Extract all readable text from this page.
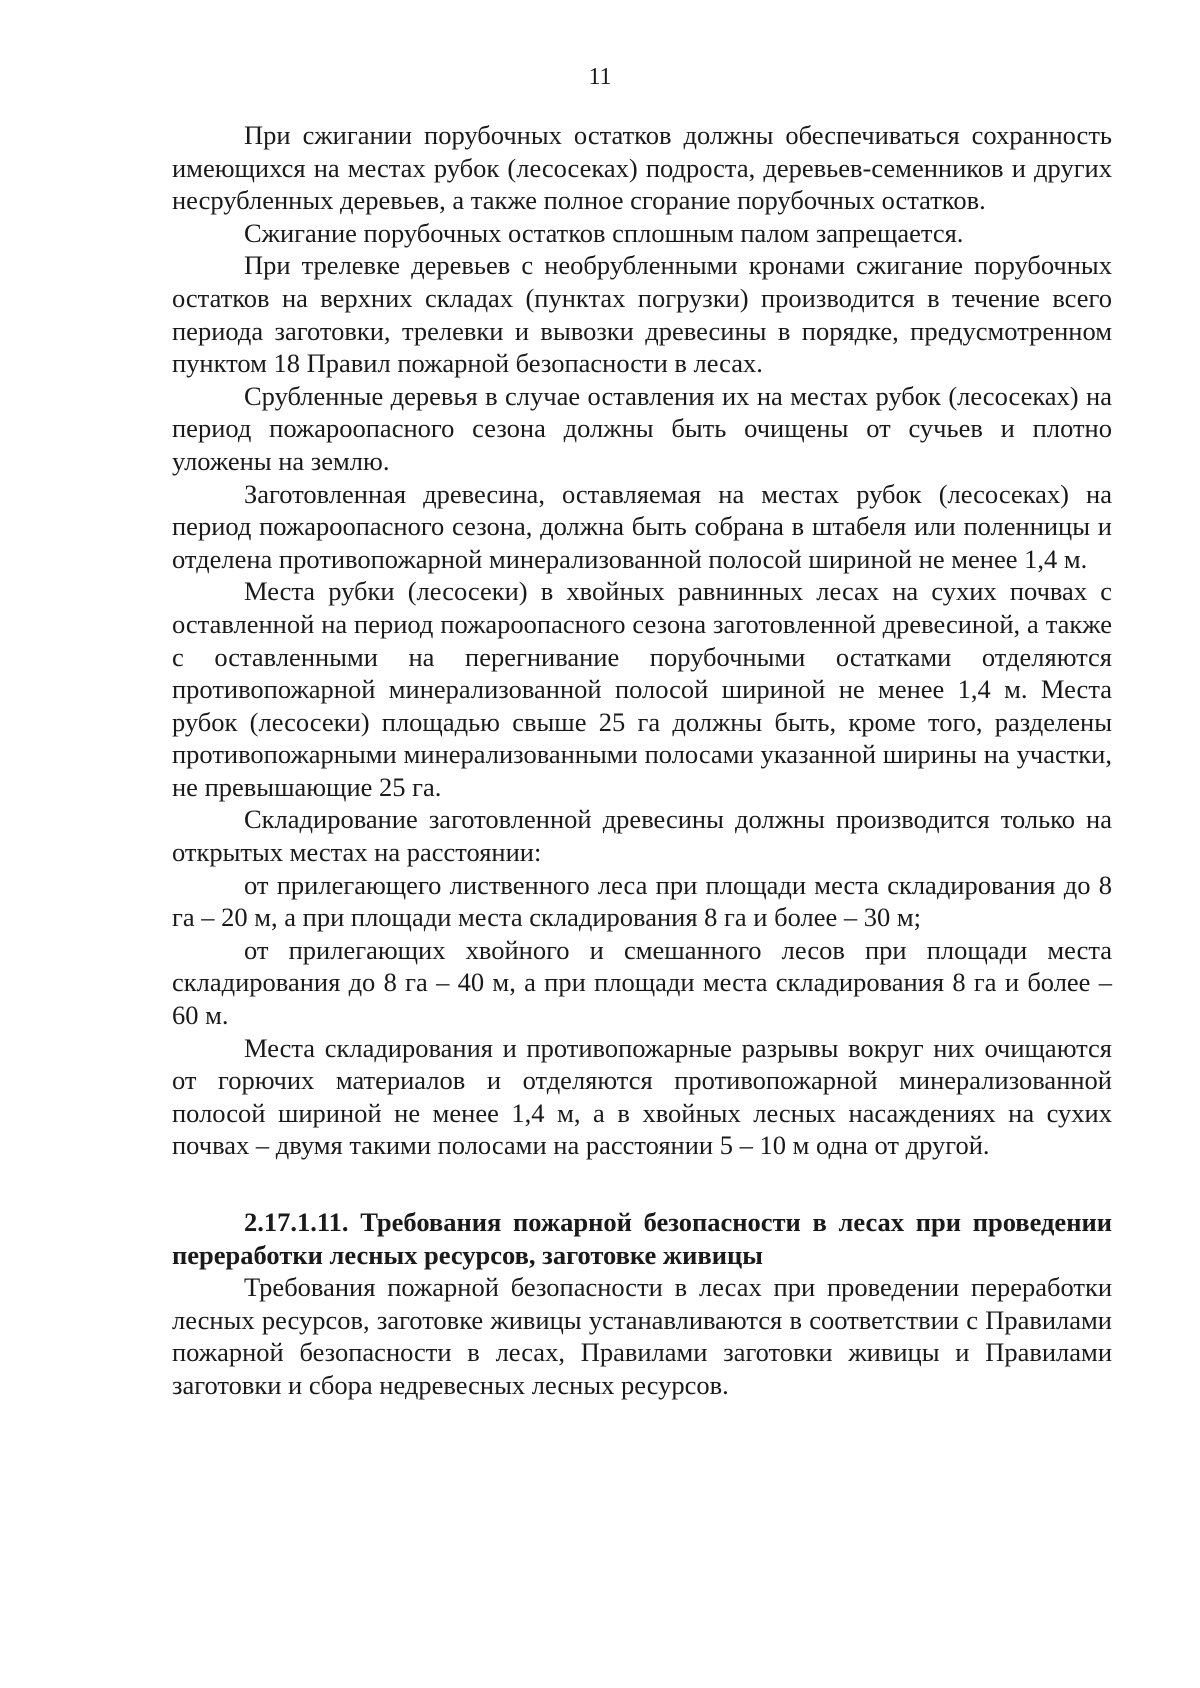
11

При сжигании порубочных остатков должны обеспечиваться сохранность имеющихся на местах рубок (лесосеках) подроста, деревьев-семенников и других несрубленных деревьев, а также полное сгорание порубочных остатков.

Сжигание порубочных остатков сплошным палом запрещается.

При трелевке деревьев с необрубленными кронами сжигание порубочных остатков на верхних складах (пунктах погрузки) производится в течение всего периода заготовки, трелевки и вывозки древесины в порядке, предусмотренном пунктом 18 Правил пожарной безопасности в лесах.

Срубленные деревья в случае оставления их на местах рубок (лесосеках) на период пожароопасного сезона должны быть очищены от сучьев и плотно уложены на землю.

Заготовленная древесина, оставляемая на местах рубок (лесосеках) на период пожароопасного сезона, должна быть собрана в штабеля или поленницы и отделена противопожарной минерализованной полосой шириной не менее 1,4 м.

Места рубки (лесосеки) в хвойных равнинных лесах на сухих почвах с оставленной на период пожароопасного сезона заготовленной древесиной, а также с оставленными на перегнивание порубочными остатками отделяются противопожарной минерализованной полосой шириной не менее 1,4 м. Места рубок (лесосеки) площадью свыше 25 га должны быть, кроме того, разделены противопожарными минерализованными полосами указанной ширины на участки, не превышающие 25 га.

Складирование заготовленной древесины должны производится только на открытых местах на расстоянии:

от прилегающего лиственного леса при площади места складирования до 8 га – 20 м, а при площади места складирования 8 га и более – 30 м;

от прилегающих хвойного и смешанного лесов при площади места складирования до 8 га – 40 м, а при площади места складирования 8 га и более – 60 м.

Места складирования и противопожарные разрывы вокруг них очищаются от горючих материалов и отделяются противопожарной минерализованной полосой шириной не менее 1,4 м, а в хвойных лесных насаждениях на сухих почвах – двумя такими полосами на расстоянии 5 – 10 м одна от другой.

2.17.1.11. Требования пожарной безопасности в лесах при проведении переработки лесных ресурсов, заготовке живицы

Требования пожарной безопасности в лесах при проведении переработки лесных ресурсов, заготовке живицы устанавливаются в соответствии с Правилами пожарной безопасности в лесах, Правилами заготовки живицы и Правилами заготовки и сбора недревесных лесных ресурсов.
